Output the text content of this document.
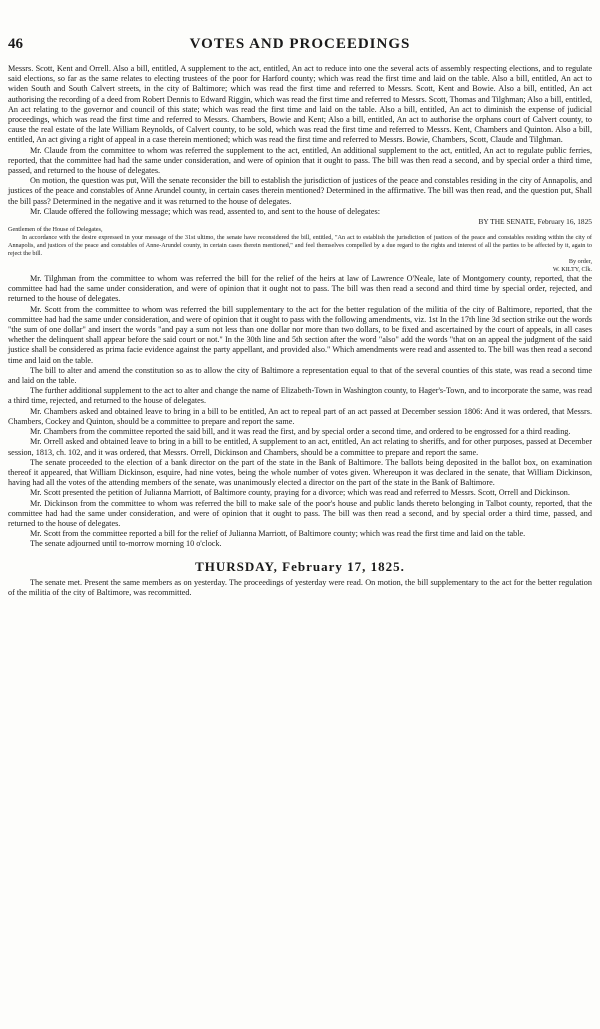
46	VOTES AND PROCEEDINGS

Messrs. Scott, Kent and Orrell. Also a bill, entitled, A supplement to the act, entitled, An act to reduce into one the several acts of assembly respecting elections, and to regulate said elections, so far as the same relates to electing trustees of the poor for Harford county; which was read the first time and laid on the table. Also a bill, entitled, An act to widen South and South Calvert streets, in the city of Baltimore; which was read the first time and referred to Messrs. Scott, Kent and Bowie. Also a bill, entitled, An act authorising the recording of a deed from Robert Dennis to Edward Riggin, which was read the first time and referred to Messrs. Scott, Thomas and Tilghman; Also a bill, entitled, An act relating to the governor and council of this state; which was read the first time and laid on the table. Also a bill, entitled, An act to diminish the expense of judicial proceedings, which was read the first time and referred to Messrs. Chambers, Bowie and Kent; Also a bill, entitled, An act to authorise the orphans court of Calvert county, to cause the real estate of the late William Reynolds, of Calvert county, to be sold, which was read the first time and referred to Messrs. Kent, Chambers and Quinton. Also a bill, entitled, An act giving a right of appeal in a case therein mentioned; which was read the first time and referred to Messrs. Bowie, Chambers, Scott, Claude and Tilghman.

Mr. Claude from the committee to whom was referred the supplement to the act, entitled, An additional supplement to the act, entitled, An act to regulate public ferries, reported, that the committee had had the same under consideration, and were of opinion that it ought to pass. The bill was then read a second, and by special order a third time, passed, and returned to the house of delegates.

On motion, the question was put, Will the senate reconsider the bill to establish the jurisdiction of justices of the peace and constables residing in the city of Annapolis, and justices of the peace and constables of Anne Arundel county, in certain cases therein mentioned? Determined in the affirmative. The bill was then read, and the question put, Shall the bill pass? Determined in the negative and it was returned to the house of delegates.

Mr. Claude offered the following message; which was read, assented to, and sent to the house of delegates:

BY THE SENATE, February 16, 1825

Gentlemen of the House of Delegates,

In accordance with the desire expressed in your message of the 31st ultimo, the senate have reconsidered the bill, entitled, "An act to establish the jurisdiction of justices of the peace and constables residing within the city of Annapolis, and justices of the peace and constables of Anne-Arundel county, in certain cases therein mentioned," and feel themselves compelled by a due regard to the rights and interest of all the parties to be affected by it, again to reject the bill.

By order,

W. KILTY, Clk.

Mr. Tilghman from the committee to whom was referred the bill for the relief of the heirs at law of Lawrence O'Neale, late of Montgomery county, reported, that the committee had had the same under consideration, and were of opinion that it ought not to pass. The bill was then read a second and third time by special order, rejected, and returned to the house of delegates.

Mr. Scott from the committee to whom was referred the bill supplementary to the act for the better regulation of the militia of the city of Baltimore, reported, that the committee had had the same under consideration, and were of opinion that it ought to pass with the following amendments, viz. 1st In the 17th line 3d section strike out the words "the sum of one dollar" and insert the words "and pay a sum not less than one dollar nor more than two dollars, to be fixed and ascertained by the court of appeals, in all cases whether the delinquent shall appear before the said court or not." In the 30th line and 5th section after the word "also" add the words "that on an appeal the judgment of the said justice shall be considered as prima facie evidence against the party appellant, and provided also." Which amendments were read and assented to. The bill was then read a second time and laid on the table.

The bill to alter and amend the constitution so as to allow the city of Baltimore a representation equal to that of the several counties of this state, was read a second time and laid on the table.

The further additional supplement to the act to alter and change the name of Elizabeth-Town in Washington county, to Hager's-Town, and to incorporate the same, was read a third time, rejected, and returned to the house of delegates.

Mr. Chambers asked and obtained leave to bring in a bill to be entitled, An act to repeal part of an act passed at December session 1806: And it was ordered, that Messrs. Chambers, Cockey and Quinton, should be a committee to prepare and report the same.

Mr. Chambers from the committee reported the said bill, and it was read the first, and by special order a second time, and ordered to be engrossed for a third reading.

Mr. Orrell asked and obtained leave to bring in a bill to be entitled, A supplement to an act, entitled, An act relating to sheriffs, and for other purposes, passed at December session, 1813, ch. 102, and it was ordered, that Messrs. Orrell, Dickinson and Chambers, should be a committee to prepare and report the same.

The senate proceeded to the election of a bank director on the part of the state in the Bank of Baltimore. The ballots being deposited in the ballot box, on examination thereof it appeared, that William Dickinson, esquire, had nine votes, being the whole number of votes given. Whereupon it was declared in the senate, that William Dickinson, having had all the votes of the attending members of the senate, was unanimously elected a director on the part of the state in the Bank of Baltimore.

Mr. Scott presented the petition of Julianna Marriott, of Baltimore county, praying for a divorce; which was read and referred to Messrs. Scott, Orrell and Dickinson.

Mr. Dickinson from the committee to whom was referred the bill to make sale of the poor's house and public lands thereto belonging in Talbot county, reported, that the committee had had the same under consideration, and were of opinion that it ought to pass. The bill was then read a second, and by special order a third time, passed, and returned to the house of delegates.

Mr. Scott from the committee reported a bill for the relief of Julianna Marriott, of Baltimore county; which was read the first time and laid on the table.

The senate adjourned until to-morrow morning 10 o'clock.

THURSDAY, February 17, 1825.

The senate met. Present the same members as on yesterday. The proceedings of yesterday were read. On motion, the bill supplementary to the act for the better regulation of the militia of the city of Baltimore, was recommitted.
